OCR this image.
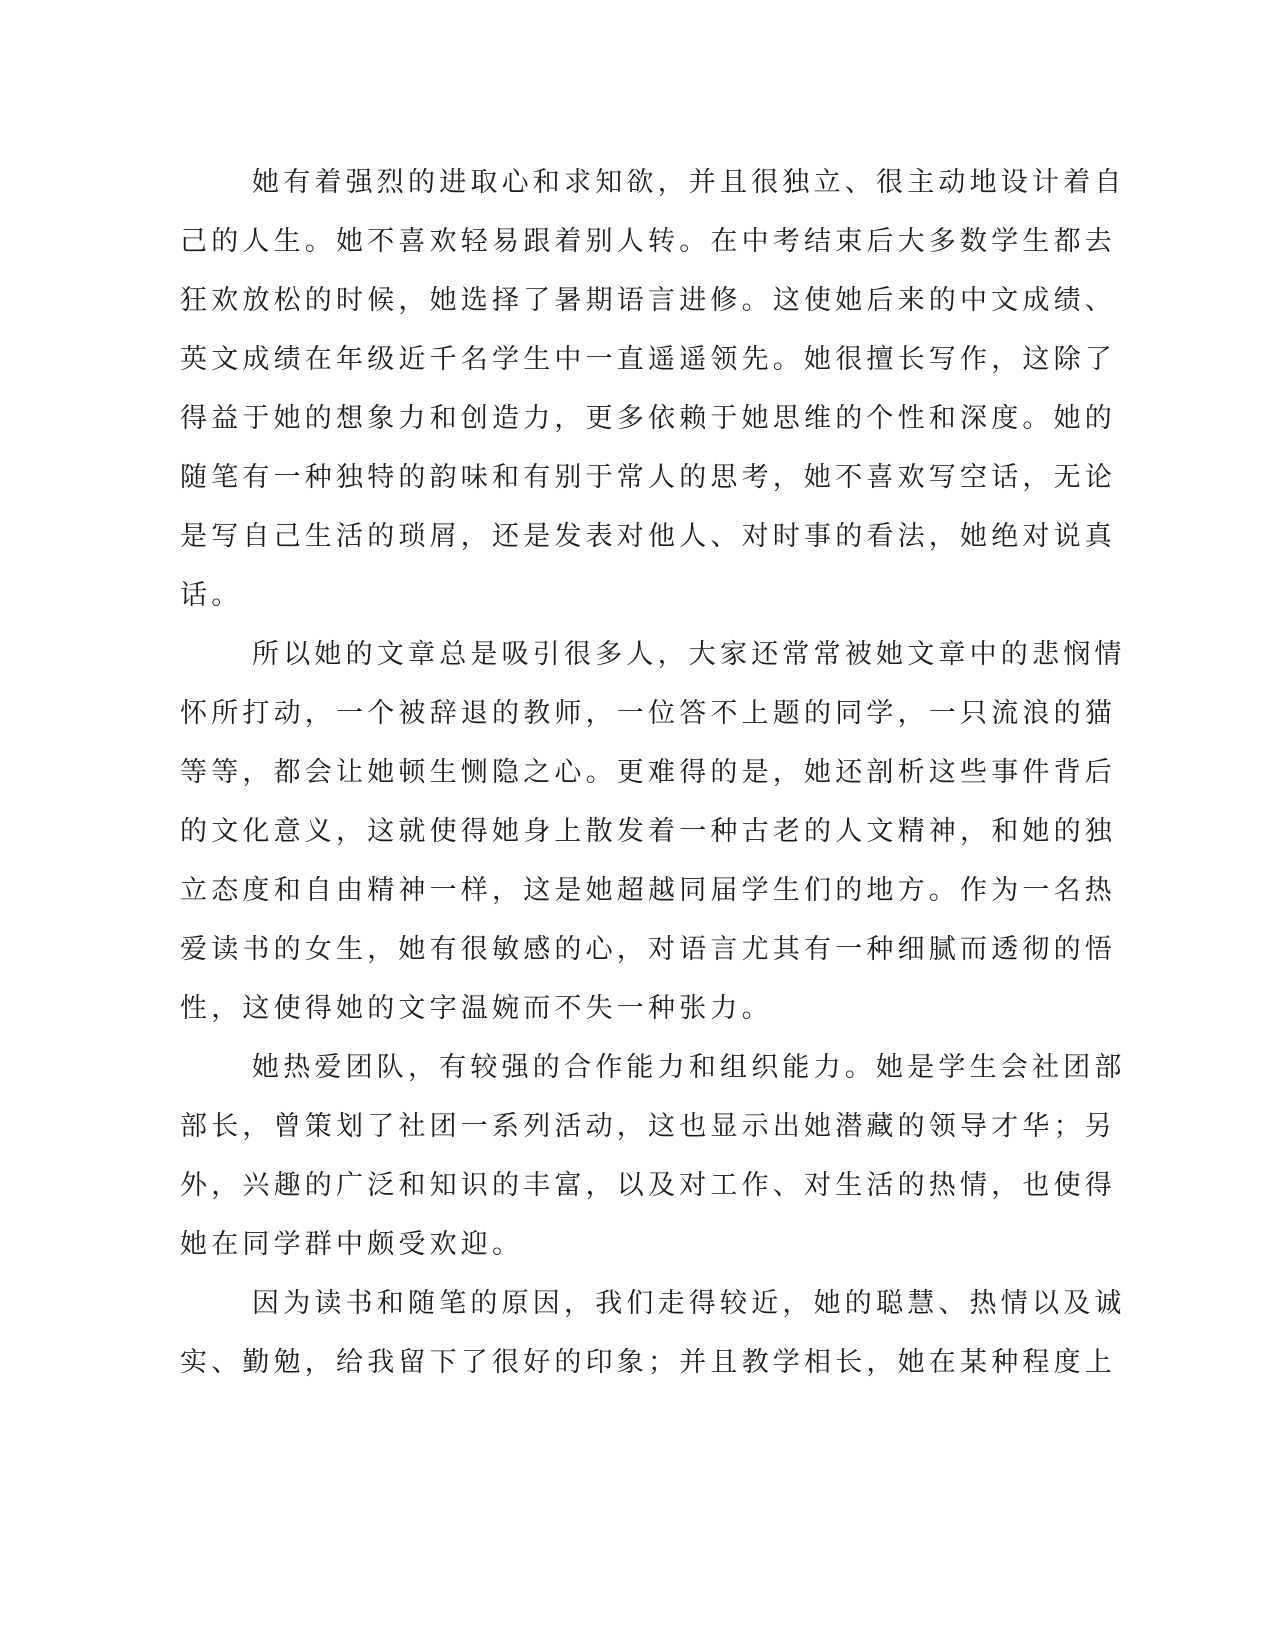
她有着强烈的进取心和求知欲，并且很独立、很主动地设计着自
己的人生。她不喜欢轻易跟着别人转。在中考结束后大多数学生都去
狂欢放松的时候，她选择了暑期语言进修。这使她后来的中文成绩、
英文成绩在年级近千名学生中一直遥遥领先。她很擅长写作，这除了
得益于她的想象力和创造力，更多依赖于她思维的个性和深度。她的
随笔有一种独特的韵味和有别于常人的思考，她不喜欢写空话，无论
是写自己生活的琐屑，还是发表对他人、对时事的看法，她绝对说真
话。
所以她的文章总是吸引很多人，大家还常常被她文章中的悲悯情
怀所打动，一个被辞退的教师，一位答不上题的同学，一只流浪的猫
等等，都会让她顿生恻隐之心。更难得的是，她还剖析这些事件背后
的文化意义，这就使得她身上散发着一种古老的人文精神，和她的独
立态度和自由精神一样，这是她超越同届学生们的地方。作为一名热
爱读书的女生，她有很敏感的心，对语言尤其有一种细腻而透彻的悟
性，这使得她的文字温婉而不失一种张力。
她热爱团队，有较强的合作能力和组织能力。她是学生会社团部
部长，曾策划了社团一系列活动，这也显示出她潜藏的领导才华；另
外，兴趣的广泛和知识的丰富，以及对工作、对生活的热情，也使得
她在同学群中颇受欢迎。
因为读书和随笔的原因，我们走得较近，她的聪慧、热情以及诚
实、勤勉，给我留下了很好的印象；并且教学相长，她在某种程度上
